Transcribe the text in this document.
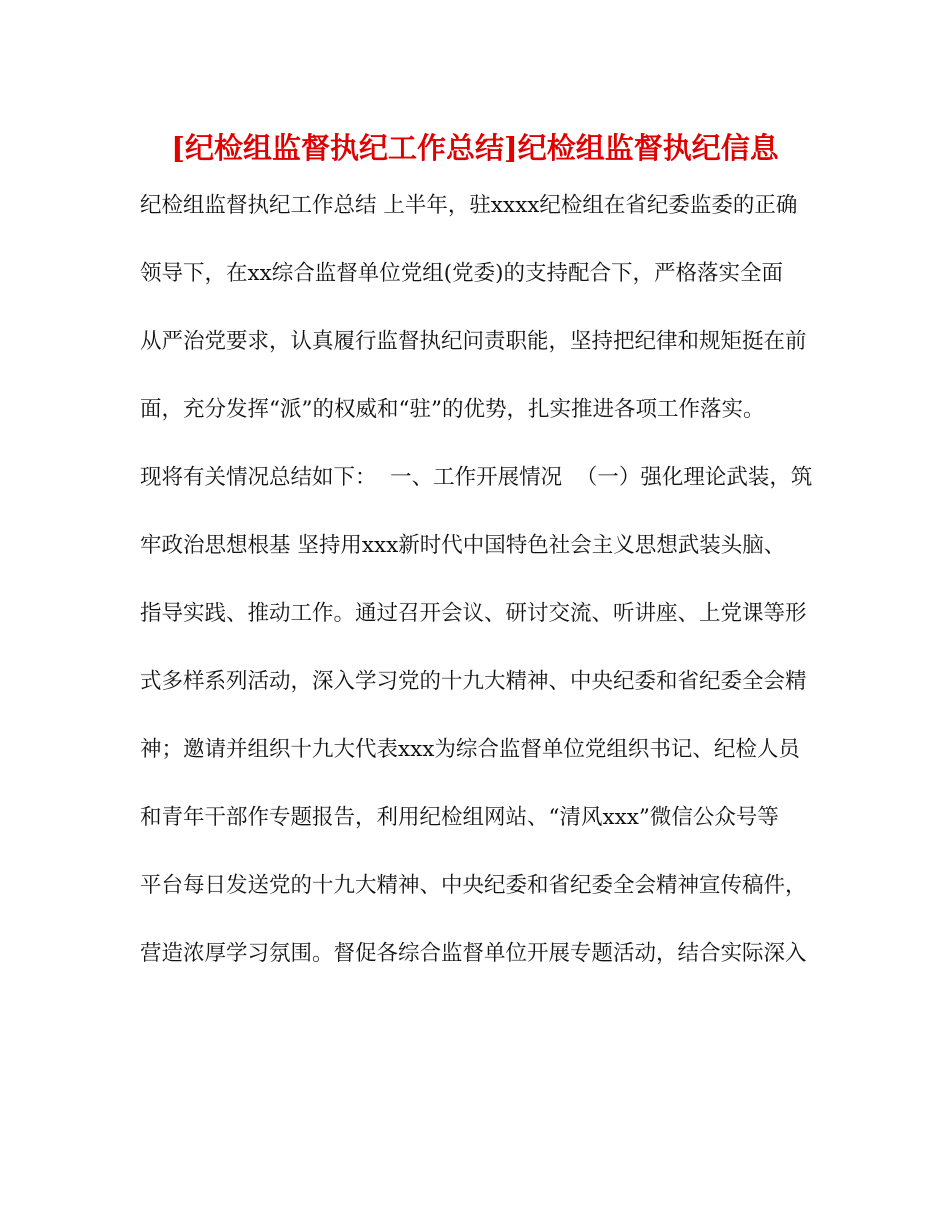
[纪检组监督执纪工作总结]纪检组监督执纪信息
纪检组监督执纪工作总结 上半年，驻xxxx纪检组在省纪委监委的正确
领导下，在xx综合监督单位党组(党委)的支持配合下，严格落实全面
从严治党要求，认真履行监督执纪问责职能，坚持把纪律和规矩挺在前
面，充分发挥“派”的权威和“驻”的优势，扎实推进各项工作落实。
现将有关情况总结如下：  一、工作开展情况  （一）强化理论武装，筑
牢政治思想根基 坚持用xxx新时代中国特色社会主义思想武装头脑、
指导实践、推动工作。通过召开会议、研讨交流、听讲座、上党课等形
式多样系列活动，深入学习党的十九大精神、中央纪委和省纪委全会精
神；邀请并组织十九大代表xxx为综合监督单位党组织书记、纪检人员
和青年干部作专题报告，利用纪检组网站、“清风xxx”微信公众号等
平台每日发送党的十九大精神、中央纪委和省纪委全会精神宣传稿件，
营造浓厚学习氛围。督促各综合监督单位开展专题活动，结合实际深入
